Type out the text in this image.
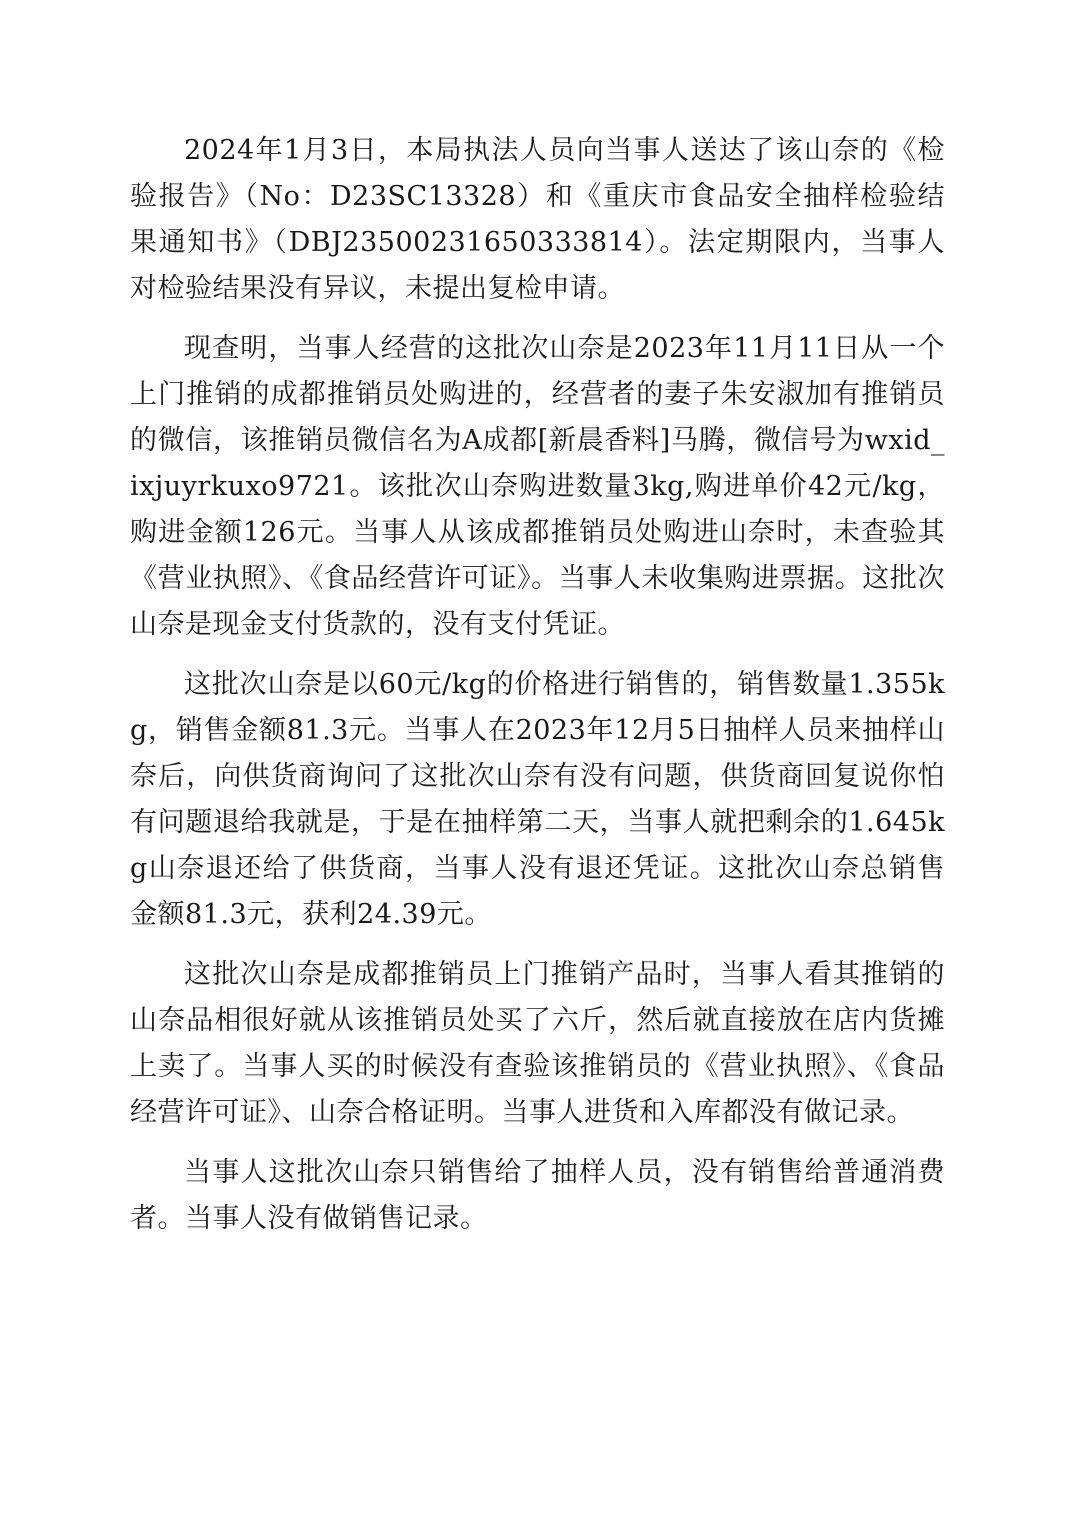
2024年1月3日，本局执法人员向当事人送达了该山奈的《检验报告》（No：D23SC13328）和《重庆市食品安全抽样检验结果通知书》（DBJ23500231650333814）。法定期限内，当事人对检验结果没有异议，未提出复检申请。

现查明，当事人经营的这批次山奈是2023年11月11日从一个上门推销的成都推销员处购进的，经营者的妻子朱安淑加有推销员的微信，该推销员微信名为A成都[新晨香料]马腾，微信号为wxid_ixjuyrkuxo9721。该批次山奈购进数量3kg,购进单价42元/kg，购进金额126元。当事人从该成都推销员处购进山奈时，未查验其《营业执照》、《食品经营许可证》。当事人未收集购进票据。这批次山奈是现金支付货款的，没有支付凭证。

这批次山奈是以60元/kg的价格进行销售的，销售数量1.355kg，销售金额81.3元。当事人在2023年12月5日抽样人员来抽样山奈后，向供货商询问了这批次山奈有没有问题，供货商回复说你怕有问题退给我就是，于是在抽样第二天，当事人就把剩余的1.645kg山奈退还给了供货商，当事人没有退还凭证。这批次山奈总销售金额81.3元，获利24.39元。

这批次山奈是成都推销员上门推销产品时，当事人看其推销的山奈品相很好就从该推销员处买了六斤，然后就直接放在店内货摊上卖了。当事人买的时候没有查验该推销员的《营业执照》、《食品经营许可证》、山奈合格证明。当事人进货和入库都没有做记录。

当事人这批次山奈只销售给了抽样人员，没有销售给普通消费者。当事人没有做销售记录。
